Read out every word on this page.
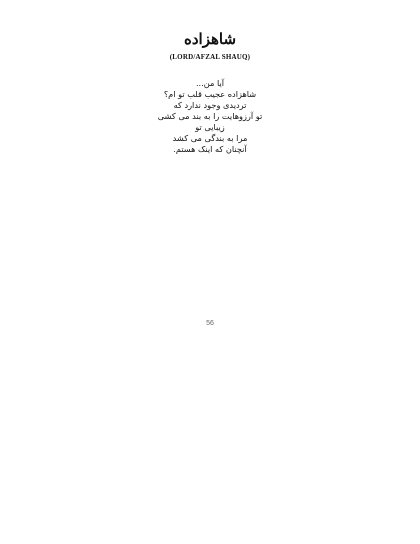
شاهزاده
(LORD/AFZAL SHAUQ)
آیا من...
شاهزاده عجیب قلب تو ام؟
تردیدی وجود ندارد که
تو آرزوهایت را به بند می کشی
زیبایی تو
مرا به بندگی می کشد
آنچنان که اینک هستم.
56
